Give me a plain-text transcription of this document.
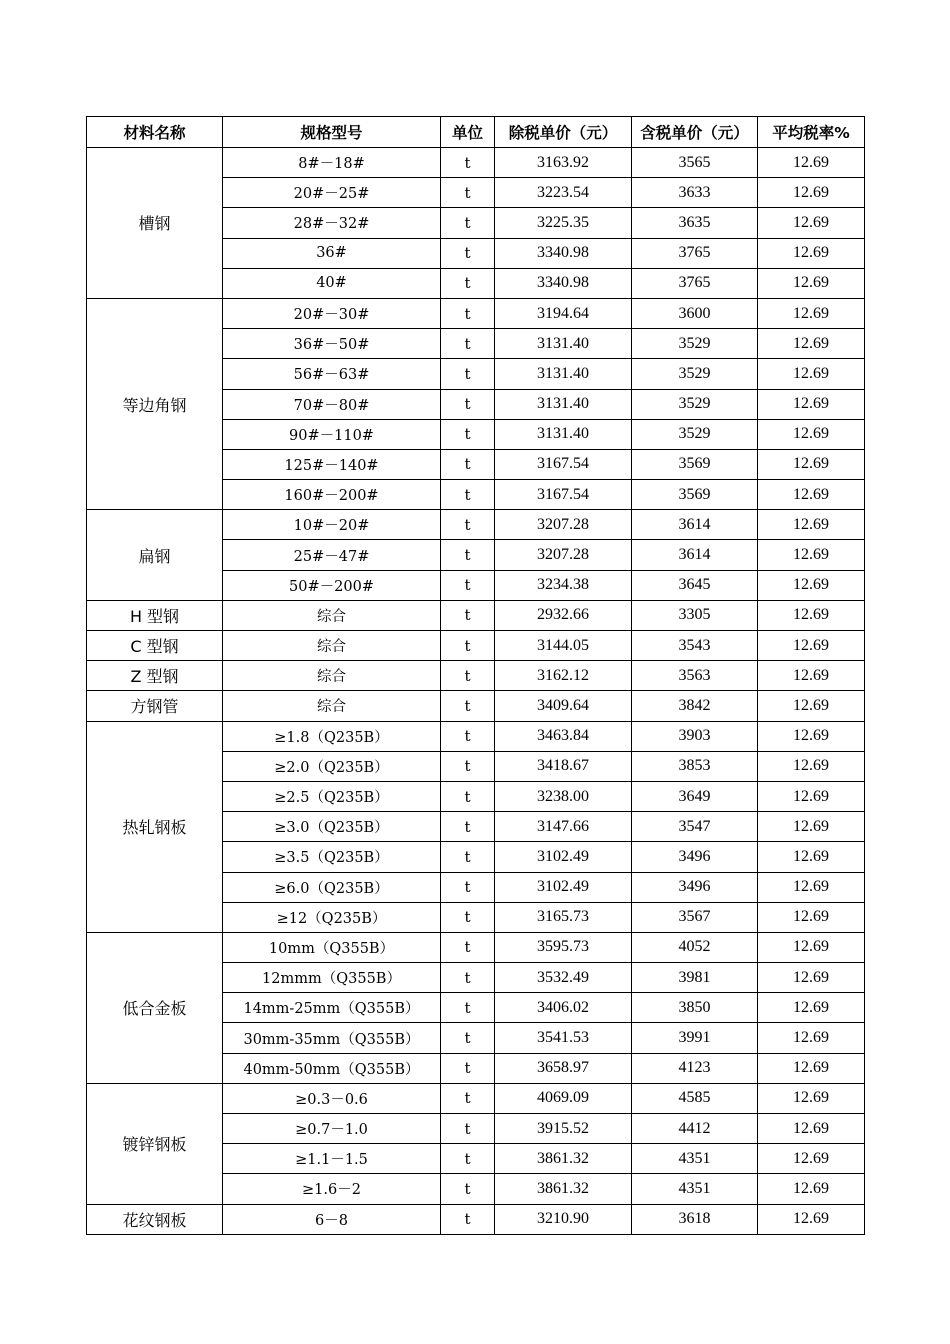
材料名称	规格型号	单位	除税单价（元）	含税单价（元）	平均税率%
槽钢	8#－18#	t	3163.92	3565	12.69
	20#－25#	t	3223.54	3633	12.69
	28#－32#	t	3225.35	3635	12.69
	36#	t	3340.98	3765	12.69
	40#	t	3340.98	3765	12.69
等边角钢	20#－30#	t	3194.64	3600	12.69
	36#－50#	t	3131.40	3529	12.69
	56#－63#	t	3131.40	3529	12.69
	70#－80#	t	3131.40	3529	12.69
	90#－110#	t	3131.40	3529	12.69
	125#－140#	t	3167.54	3569	12.69
	160#－200#	t	3167.54	3569	12.69
扁钢	10#－20#	t	3207.28	3614	12.69
	25#－47#	t	3207.28	3614	12.69
	50#－200#	t	3234.38	3645	12.69
H 型钢	综合	t	2932.66	3305	12.69
C 型钢	综合	t	3144.05	3543	12.69
Z 型钢	综合	t	3162.12	3563	12.69
方钢管	综合	t	3409.64	3842	12.69
热轧钢板	≥1.8（Q235B）	t	3463.84	3903	12.69
	≥2.0（Q235B）	t	3418.67	3853	12.69
	≥2.5（Q235B）	t	3238.00	3649	12.69
	≥3.0（Q235B）	t	3147.66	3547	12.69
	≥3.5（Q235B）	t	3102.49	3496	12.69
	≥6.0（Q235B）	t	3102.49	3496	12.69
	≥12（Q235B）	t	3165.73	3567	12.69
低合金板	10mm（Q355B）	t	3595.73	4052	12.69
	12mmm（Q355B）	t	3532.49	3981	12.69
	14mm-25mm（Q355B）	t	3406.02	3850	12.69
	30mm-35mm（Q355B）	t	3541.53	3991	12.69
	40mm-50mm（Q355B）	t	3658.97	4123	12.69
镀锌钢板	≥0.3－0.6	t	4069.09	4585	12.69
	≥0.7－1.0	t	3915.52	4412	12.69
	≥1.1－1.5	t	3861.32	4351	12.69
	≥1.6－2	t	3861.32	4351	12.69
花纹钢板	6－8	t	3210.90	3618	12.69
